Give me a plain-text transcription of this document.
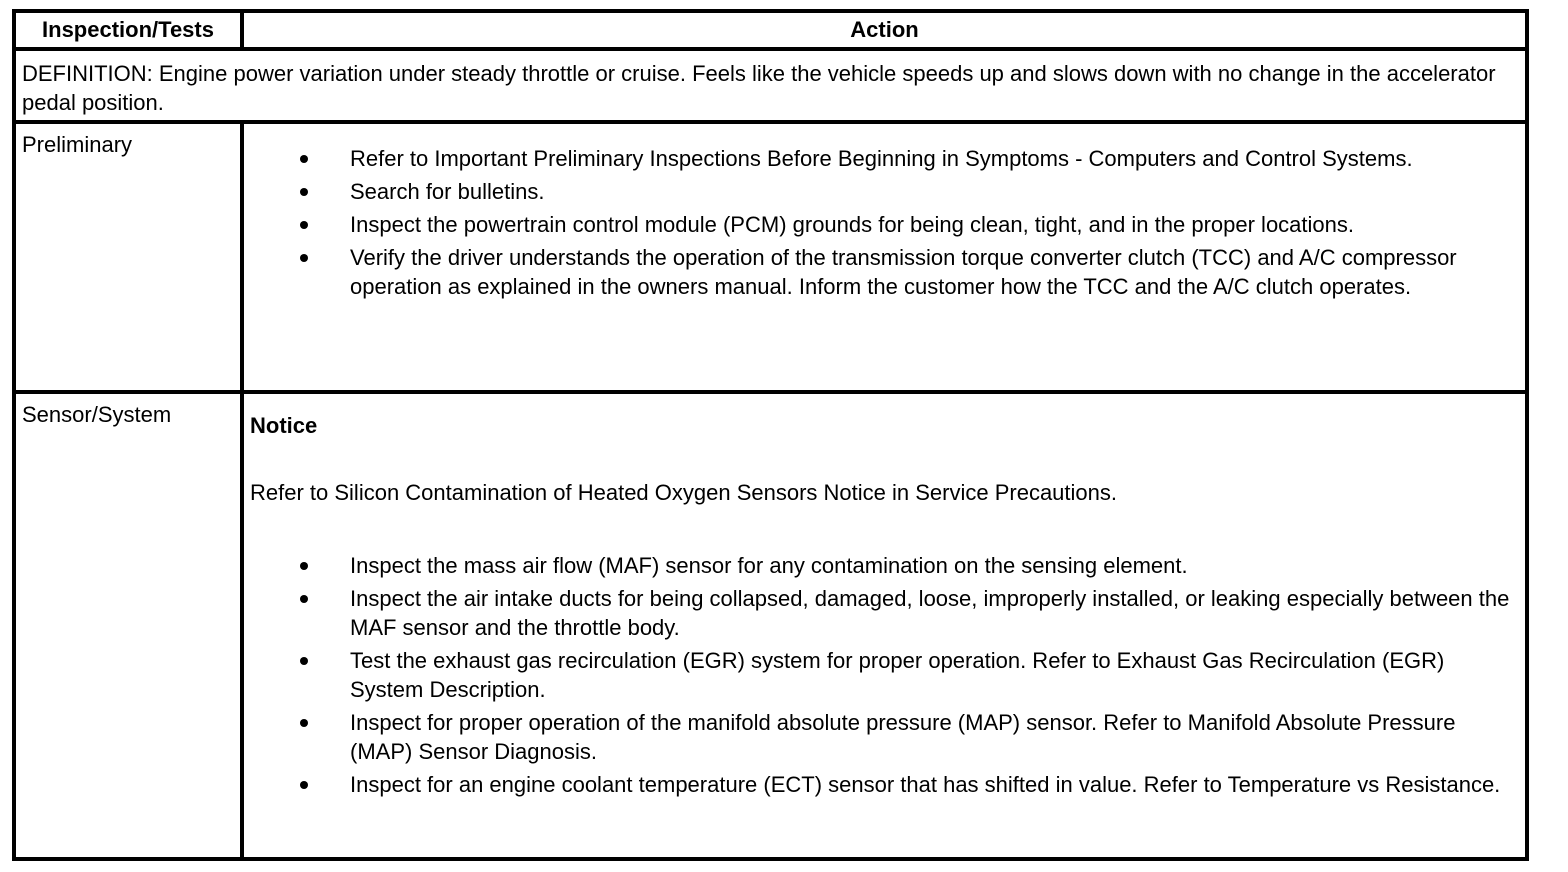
Inspection/Tests	Action
DEFINITION: Engine power variation under steady throttle or cruise. Feels like the vehicle speeds up and slows down with no change in the accelerator pedal position.
Preliminary
Refer to Important Preliminary Inspections Before Beginning in Symptoms - Computers and Control Systems.
Search for bulletins.
Inspect the powertrain control module (PCM) grounds for being clean, tight, and in the proper locations.
Verify the driver understands the operation of the transmission torque converter clutch (TCC) and A/C compressor operation as explained in the owners manual. Inform the customer how the TCC and the A/C clutch operates.
Sensor/System	Notice
Refer to Silicon Contamination of Heated Oxygen Sensors Notice in Service Precautions.
Inspect the mass air flow (MAF) sensor for any contamination on the sensing element.
Inspect the air intake ducts for being collapsed, damaged, loose, improperly installed, or leaking especially between the MAF sensor and the throttle body.
Test the exhaust gas recirculation (EGR) system for proper operation. Refer to Exhaust Gas Recirculation (EGR) System Description.
Inspect for proper operation of the manifold absolute pressure (MAP) sensor. Refer to Manifold Absolute Pressure (MAP) Sensor Diagnosis.
Inspect for an engine coolant temperature (ECT) sensor that has shifted in value. Refer to Temperature vs Resistance.
